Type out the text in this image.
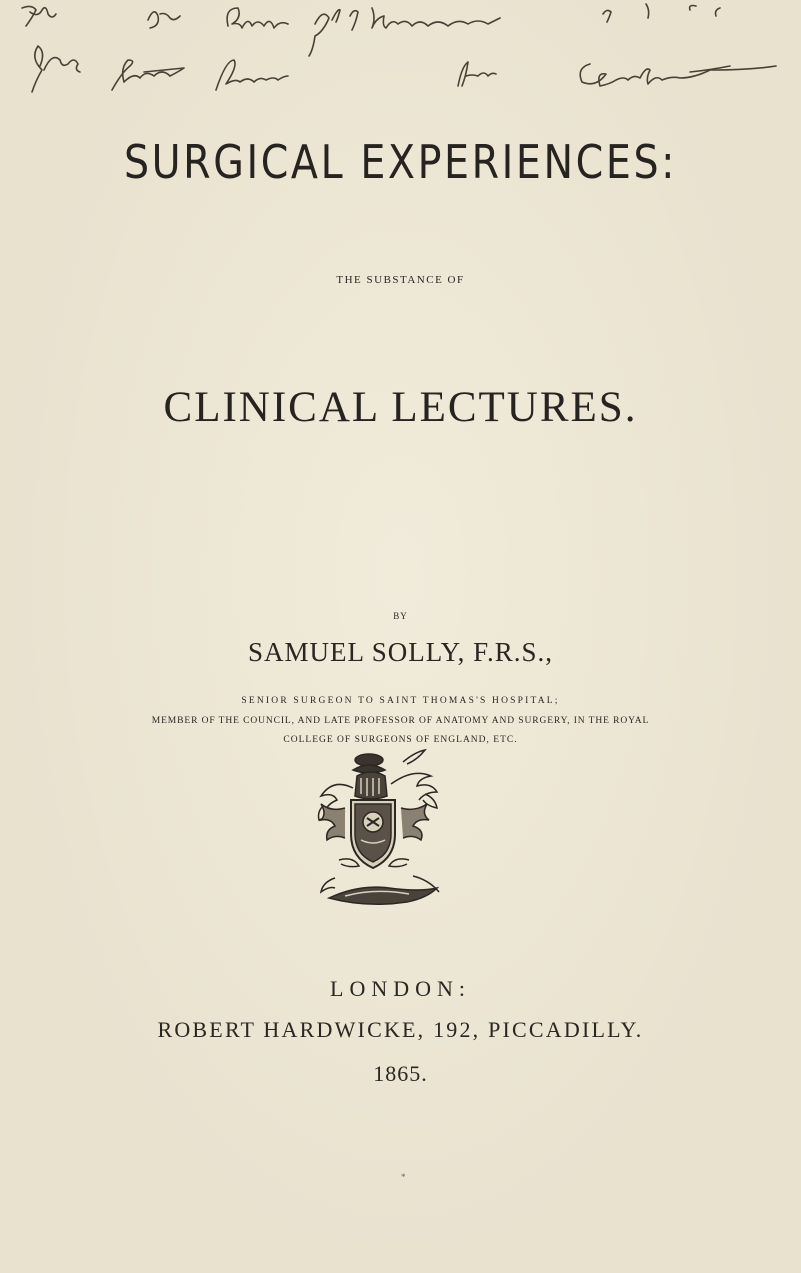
SURGICAL EXPERIENCES:
THE SUBSTANCE OF
CLINICAL LECTURES.
BY
SAMUEL SOLLY, F.R.S.,
SENIOR SURGEON TO SAINT THOMAS'S HOSPITAL;
MEMBER OF THE COUNCIL, AND LATE PROFESSOR OF ANATOMY AND SURGERY, IN THE ROYAL
COLLEGE OF SURGEONS OF ENGLAND, ETC.
LONDON:
ROBERT HARDWICKE, 192, PICCADILLY.
1865.
*
